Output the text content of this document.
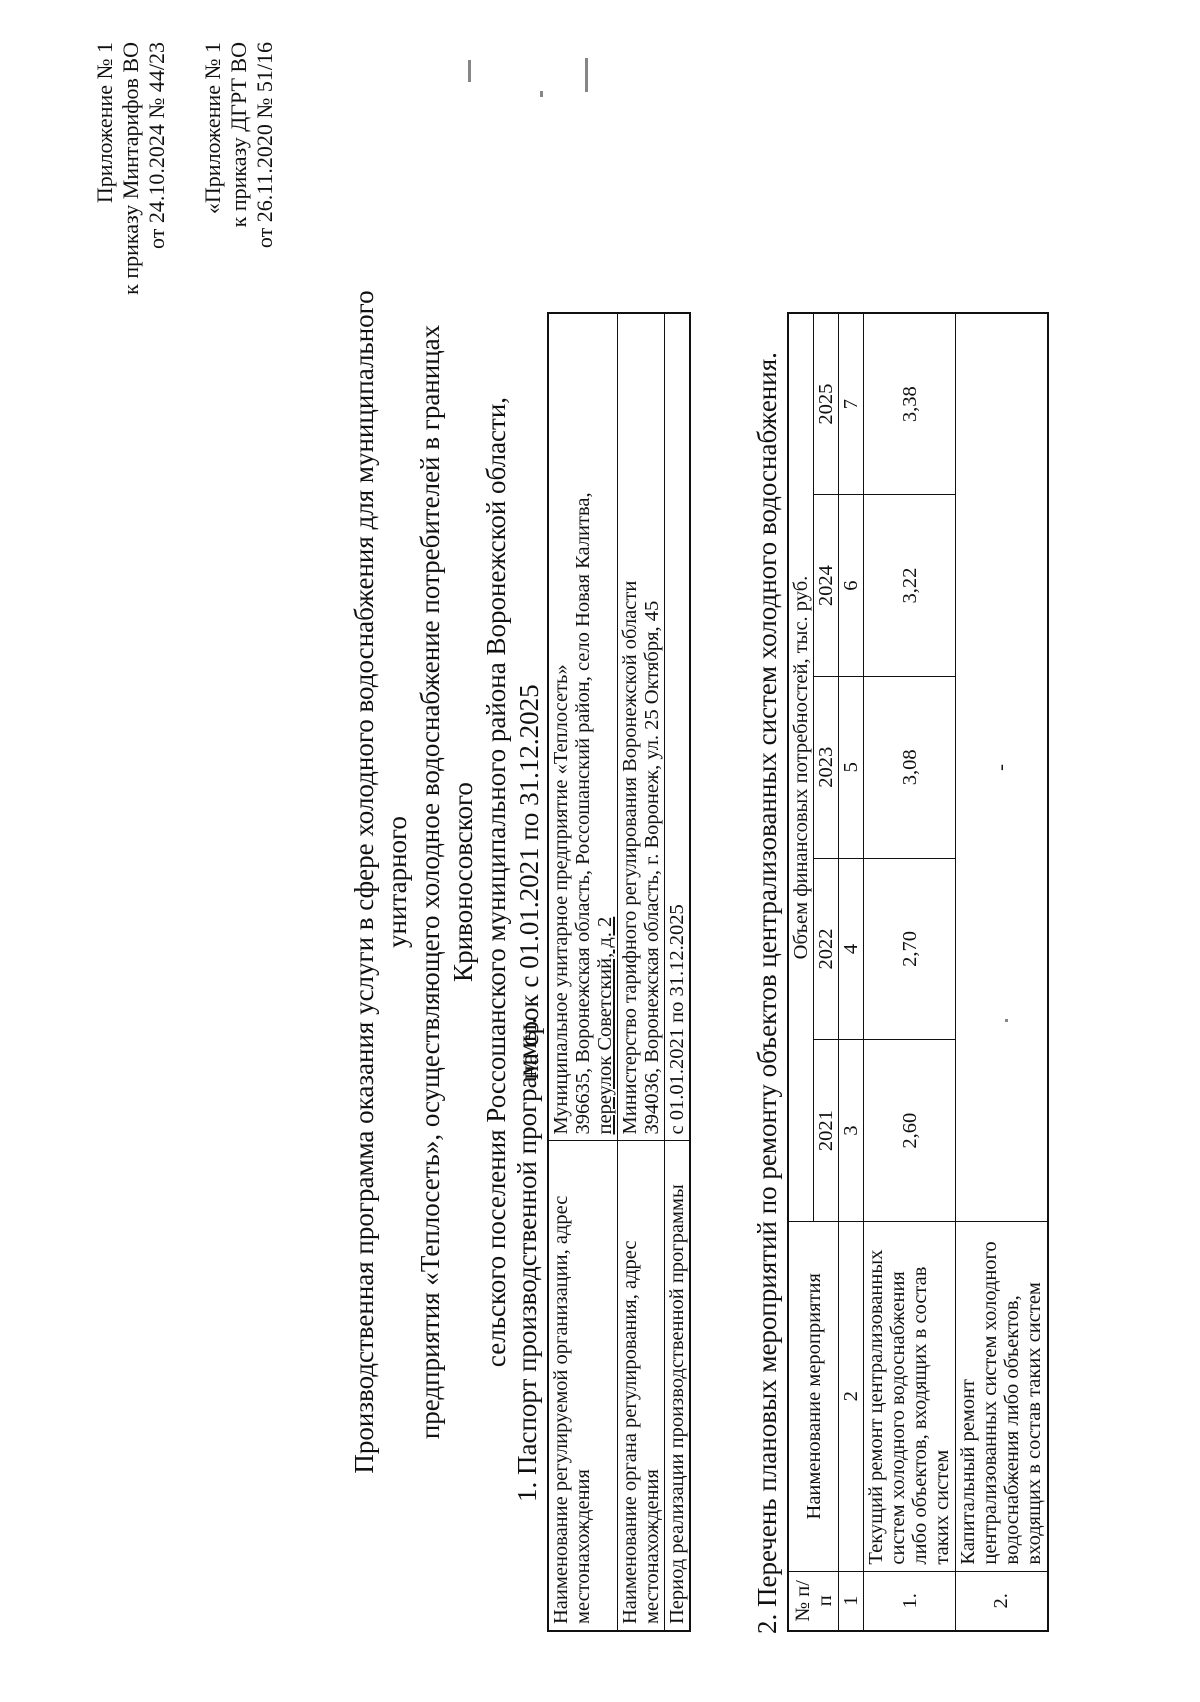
Приложение № 1 к приказу Минтарифов ВО от 24.10.2024 № 44/23 «Приложение № 1 к приказу ДГРТ ВО от 26.11.2020 № 51/16
Производственная программа оказания услуги в сфере холодного водоснабжения для муниципального унитарного предприятия «Теплосеть», осуществляющего холодное водоснабжение потребителей в границах Кривоносовского сельского поселения Россошанского муниципального района Воронежской области, на срок с 01.01.2021 по 31.12.2025
1. Паспорт производственной программы. Наименование регулируемой организации, адрес местонахождения	Муниципальное унитарное предприятие «Теплосеть» 396635, Воронежская область, Россошанский район, село Новая Калитва, переулок Советский, д. 2

Наименование органа регулирования, адрес местонахождения	Министерство тарифного регулирования Воронежской области 394036, Воронежская область, г. Воронеж, ул. 25 Октября, 45

Период реализации производственной программы	с 01.01.2021 по 31.12.2025 2. Перечень плановых мероприятий по ремонту объектов централизованных систем холодного водоснабжения. № п/п	Наименование мероприятия	Объем финансовых потребностей, тыс. руб.				
		2021	2022	2023	2024	2025
1	2	3	4	5	6	7
1.	Текущий ремонт централизованных систем холодного водоснабжения либо объектов, входящих в состав таких систем	2,60	2,70	3,08	3,22	3,38
2.	Капитальный ремонт централизованных систем холодного водоснабжения либо объектов, входящих в состав таких систем	-				
